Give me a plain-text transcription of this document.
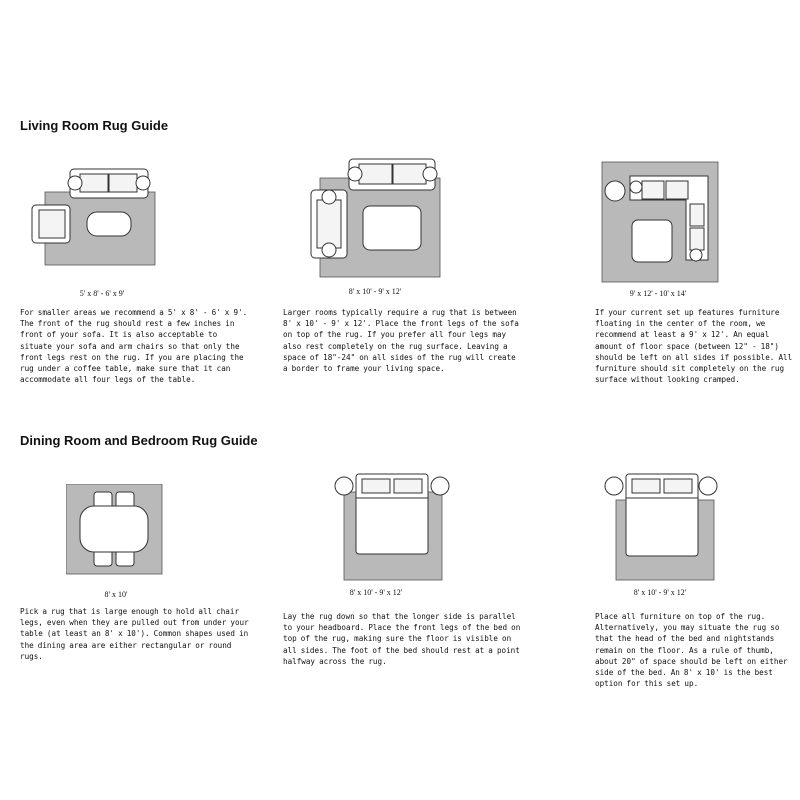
Living Room Rug Guide
5' x 8' - 6' x 9'

For smaller areas we recommend a 5' x 8' - 6' x 9'. The front of the rug should rest a few inches in front of your sofa. It is also acceptable to situate your sofa and arm chairs so that only the front legs rest on the rug. If you are placing the rug under a coffee table, make sure that it can accommodate all four legs of the table.

8' x 10' - 9' x 12'

Larger rooms typically require a rug that is between 8' x 10' - 9' x 12'. Place the front legs of the sofa on top of the rug. If you prefer all four legs may also rest completely on the rug surface. Leaving a space of 18"-24" on all sides of the rug will create a border to frame your living space.

9' x 12' - 10' x 14'

If your current set up features furniture floating in the center of the room, we recommend at least a 9' x 12'. An equal amount of floor space (between 12" - 18") should be left on all sides if possible. All furniture should sit completely on the rug surface without looking cramped.

Dining Room and Bedroom Rug Guide
8' x 10'

Pick a rug that is large enough to hold all chair legs, even when they are pulled out from under your table (at least an 8' x 10'). Common shapes used in the dining area are either rectangular or round rugs.

8' x 10' - 9' x 12'

Lay the rug down so that the longer side is parallel to your headboard. Place the front legs of the bed on top of the rug, making sure the floor is visible on all sides. The foot of the bed should rest at a point halfway across the rug.

8' x 10' - 9' x 12'

Place all furniture on top of the rug. Alternatively, you may situate the rug so that the head of the bed and nightstands remain on the floor. As a rule of thumb, about 20" of space should be left on either side of the bed. An 8' x 10' is the best option for this set up.
